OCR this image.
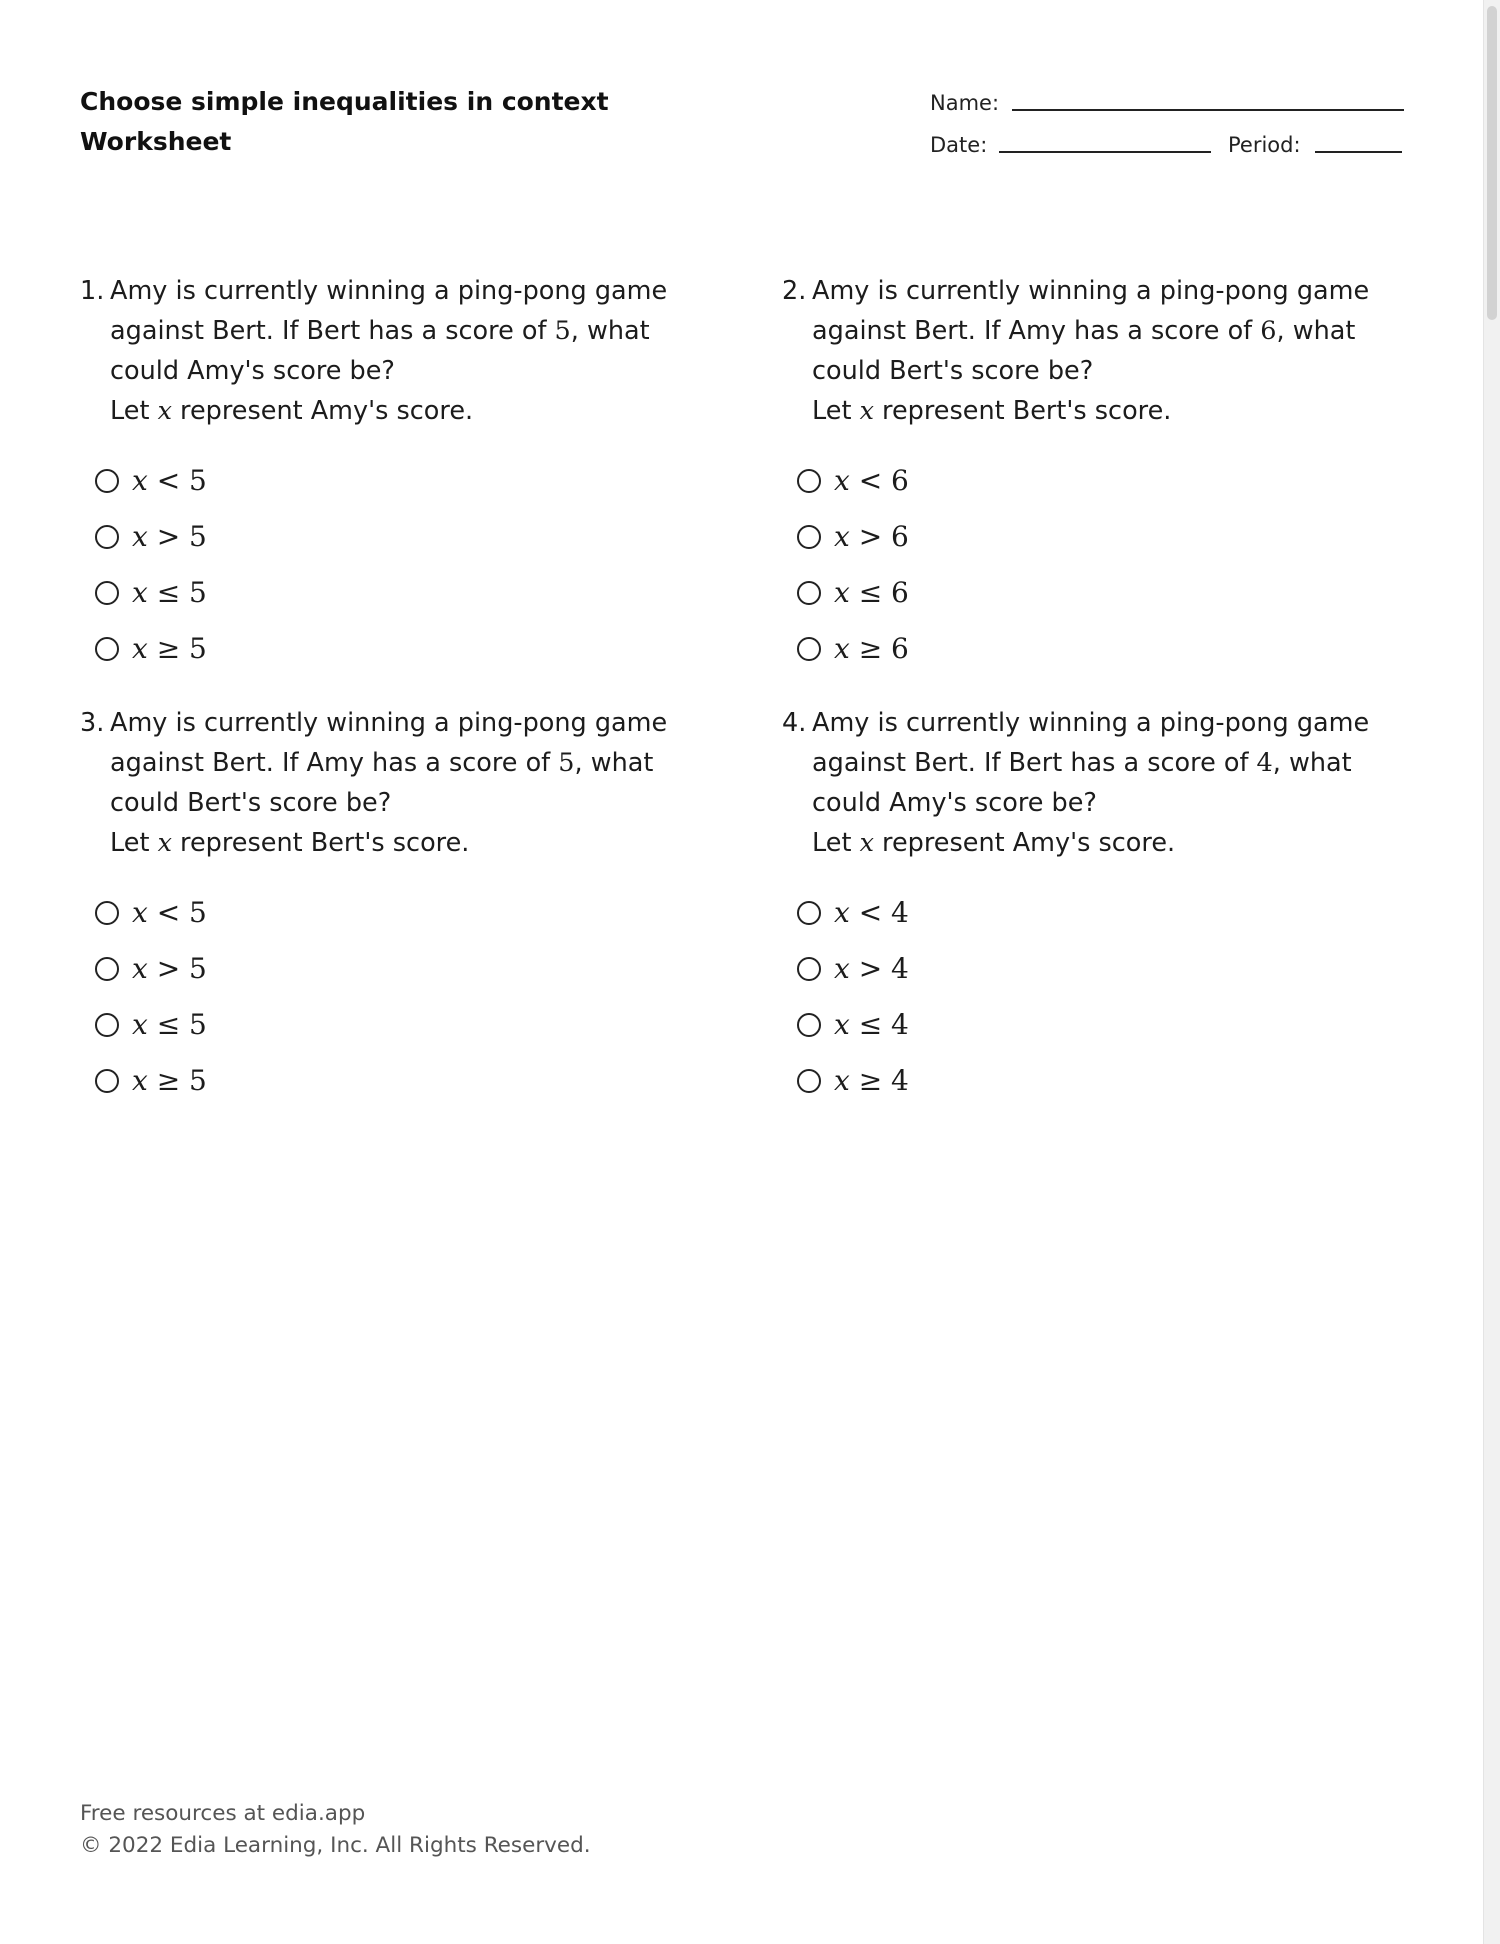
Choose simple inequalities in context
Worksheet
Name:
Date:	Period:
1. Amy is currently winning a ping-pong game against Bert. If Bert has a score of 5, what could Amy's score be?
Let x represent Amy's score.
x < 5
x > 5
x ≤ 5
x ≥ 5
2. Amy is currently winning a ping-pong game against Bert. If Amy has a score of 6, what could Bert's score be?
Let x represent Bert's score.
x < 6
x > 6
x ≤ 6
x ≥ 6
3. Amy is currently winning a ping-pong game against Bert. If Amy has a score of 5, what could Bert's score be?
Let x represent Bert's score.
x < 5
x > 5
x ≤ 5
x ≥ 5
4. Amy is currently winning a ping-pong game against Bert. If Bert has a score of 4, what could Amy's score be?
Let x represent Amy's score.
x < 4
x > 4
x ≤ 4
x ≥ 4
Free resources at edia.app
© 2022 Edia Learning, Inc. All Rights Reserved.
